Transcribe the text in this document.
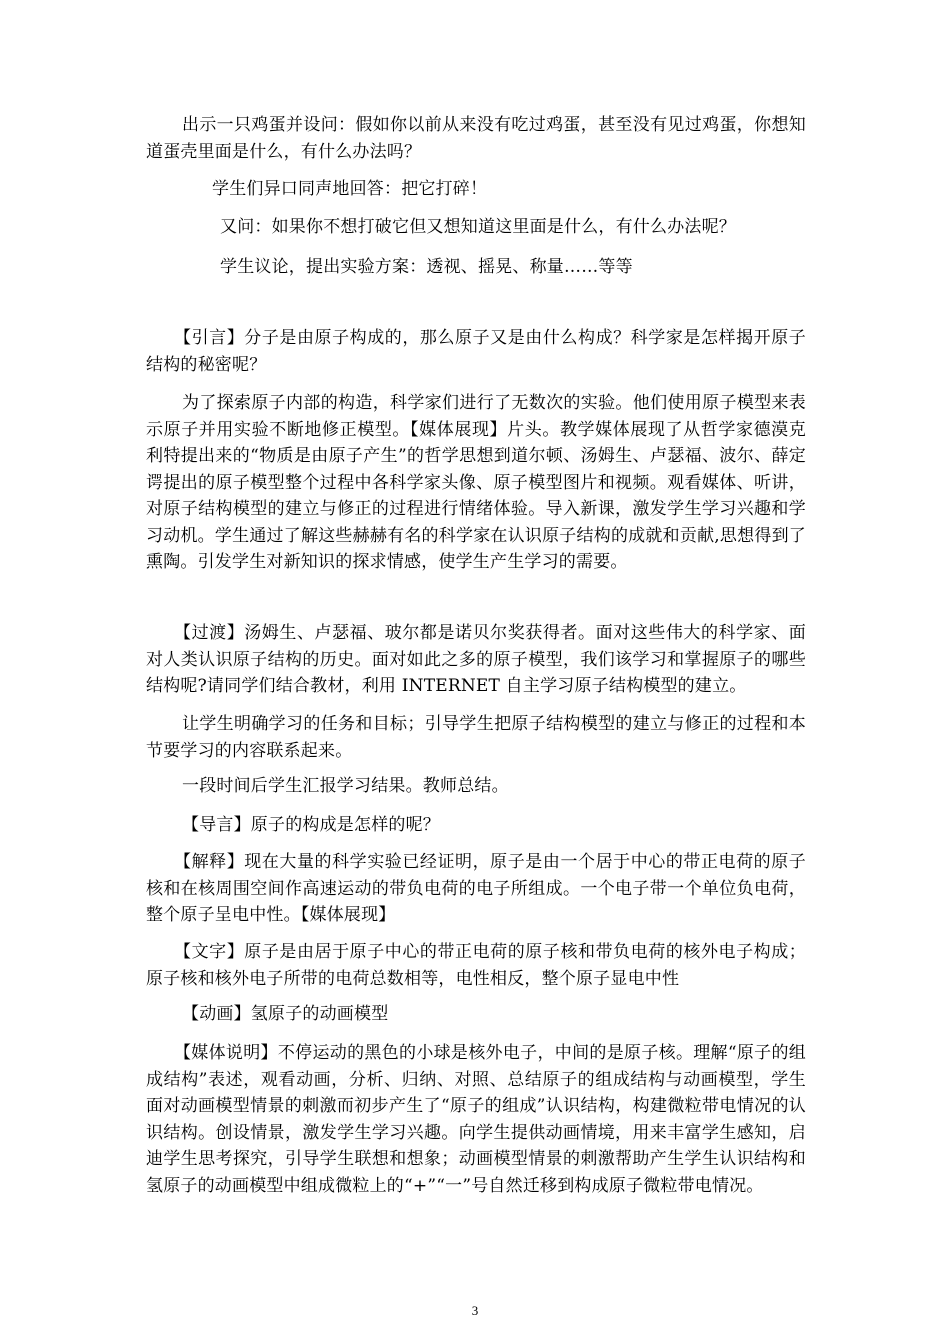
出示一只鸡蛋并设问：假如你以前从来没有吃过鸡蛋，甚至没有见过鸡蛋，你想知道蛋壳里面是什么，有什么办法吗？

学生们异口同声地回答：把它打碎！

又问：如果你不想打破它但又想知道这里面是什么，有什么办法呢？

学生议论，提出实验方案：透视、摇晃、称量……等等

【引言】分子是由原子构成的，那么原子又是由什么构成？科学家是怎样揭开原子结构的秘密呢？

为了探索原子内部的构造，科学家们进行了无数次的实验。他们使用原子模型来表示原子并用实验不断地修正模型。【媒体展现】片头。教学媒体展现了从哲学家德漠克利特提出来的“物质是由原子产生”的哲学思想到道尔顿、汤姆生、卢瑟福、波尔、薛定谔提出的原子模型整个过程中各科学家头像、原子模型图片和视频。观看媒体、听讲，对原子结构模型的建立与修正的过程进行情绪体验。导入新课，激发学生学习兴趣和学习动机。学生通过了解这些赫赫有名的科学家在认识原子结构的成就和贡献,思想得到了熏陶。引发学生对新知识的探求情感，使学生产生学习的需要。

【过渡】汤姆生、卢瑟福、玻尔都是诺贝尔奖获得者。面对这些伟大的科学家、面对人类认识原子结构的历史。面对如此之多的原子模型，我们该学习和掌握原子的哪些结构呢?请同学们结合教材，利用 INTERNET 自主学习原子结构模型的建立。

让学生明确学习的任务和目标；引导学生把原子结构模型的建立与修正的过程和本节要学习的内容联系起来。

一段时间后学生汇报学习结果。教师总结。

【导言】原子的构成是怎样的呢？

【解释】现在大量的科学实验已经证明，原子是由一个居于中心的带正电荷的原子核和在核周围空间作高速运动的带负电荷的电子所组成。一个电子带一个单位负电荷，整个原子呈电中性。【媒体展现】

【文字】原子是由居于原子中心的带正电荷的原子核和带负电荷的核外电子构成；原子核和核外电子所带的电荷总数相等，电性相反，整个原子显电中性

【动画】氢原子的动画模型

【媒体说明】不停运动的黑色的小球是核外电子，中间的是原子核。理解“原子的组成结构”表述，观看动画，分析、归纳、对照、总结原子的组成结构与动画模型，学生面对动画模型情景的刺激而初步产生了“原子的组成”认识结构，构建微粒带电情况的认识结构。创设情景，激发学生学习兴趣。向学生提供动画情境，用来丰富学生感知，启迪学生思考探究，引导学生联想和想象；动画模型情景的刺激帮助产生学生认识结构和氢原子的动画模型中组成微粒上的“+”“一”号自然迁移到构成原子微粒带电情况。

3
